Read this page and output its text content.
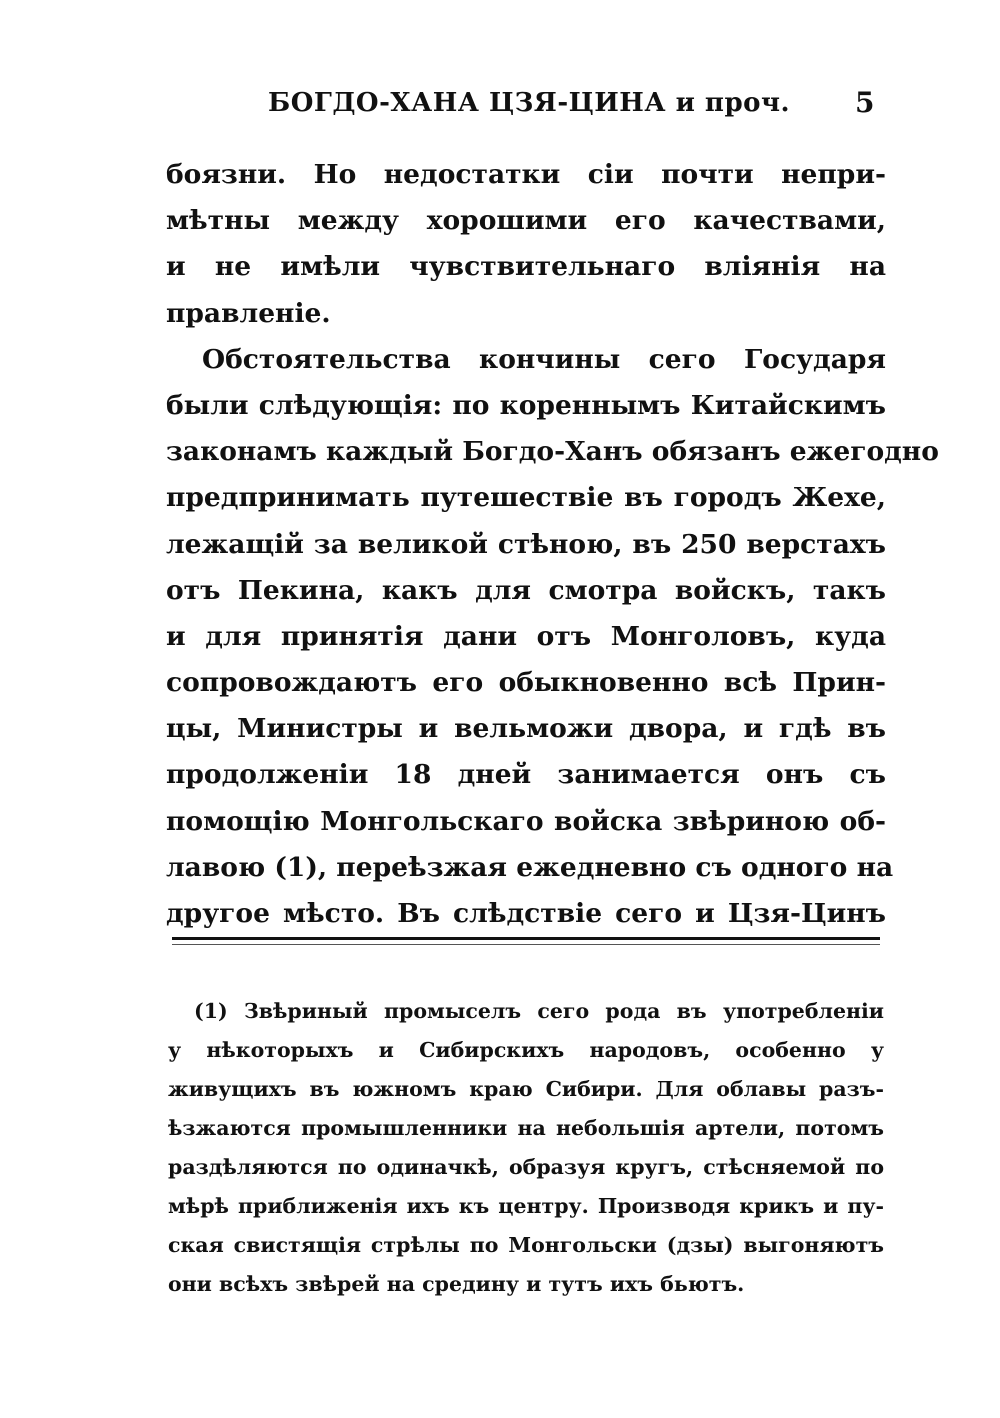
БОГДО-ХАНА ЦЗЯ-ЦИНА и проч. 5
боязни. Но недостатки сiи почти непри-
мѣтны между хорошими его качествами,
и не имѣли чувствительнаго влiянiя на
правленiе.
Обстоятельства кончины сего Государя
были слѣдующiя: по кореннымъ Китайскимъ
законамъ каждый Богдо-Ханъ обязанъ ежегодно
предпринимать путешествiе въ городъ Жехе,
лежащiй за великой стѣною, въ 250 верстахъ
отъ Пекина, какъ для смотра войскъ, такъ
и для принятiя дани отъ Монголовъ, куда
сопровождаютъ его обыкновенно всѣ Прин-
цы, Министры и вельможи двора, и гдѣ въ
продолженiи 18 дней занимается онъ съ
помощiю Монгольскаго войска звѣриною об-
лавою (1), переѣзжая ежедневно съ одного на
другое мѣсто. Въ слѣдствiе сего и Цзя-Цинъ
(1) Звѣриный промыселъ сего рода въ употребленiи
у нѣкоторыхъ и Сибирскихъ народовъ, особенно у
живущихъ въ южномъ краю Сибири. Для облавы разъ-
ѣзжаются промышленники на небольшiя артели, потомъ
раздѣляются по одиначкѣ, образуя кругъ, стѣсняемой по
мѣрѣ приближенiя ихъ къ центру. Производя крикъ и пу-
ская свистящiя стрѣлы по Монгольски (дзы) выгоняютъ
они всѣхъ звѣрей на средину и тутъ ихъ бьютъ.
